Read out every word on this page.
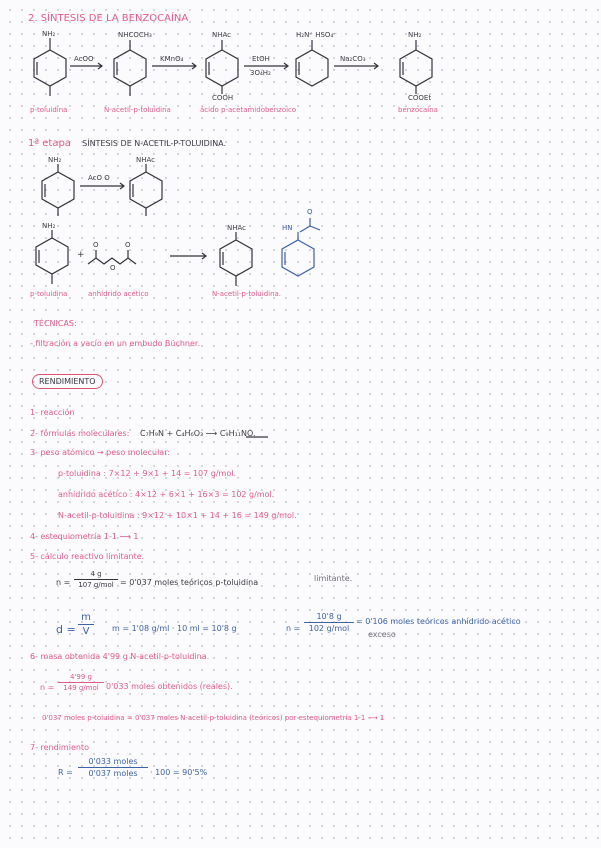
2. SÍNTESIS DE LA BENZOCAÍNA
NH₂	NHCOCH₃	NHAc	H₂N⁺ HSO₄⁻	NH₂
AcOO	KMnO₄	EtOH
3O₄H₂
Na₂CO₃
COOH	COOEt
p-toluidina	N-acetil-p-toluidina	ácido p-acetamidobenzoico	benzocaína
1ª etapa SÍNTESIS DE N-ACETIL-P-TOLUIDINA.
NH₂
AcO O
NHAc
NH₂
+
O	O
O
NHAc	HN
O
p-toluidina	anhídrido acético	N-acetil-p-toluidina.
TÉCNICAS:
- filtración a vacío en un embudo Büchner.
RENDIMIENTO
1- reacción
2- fórmulas moleculares: C₇H₉N + C₄H₆O₃ ⟶ C₉H₁₁NO.
3- peso atómico → peso molecular:
p-toluidina : 7×12 + 9×1 + 14 = 107 g/mol.
anhídrido acético : 4×12 + 6×1 + 16×3 = 102 g/mol.
N-acetil-p-toluidina : 9×12 + 10×1 + 14 + 16 = 149 g/mol.
4- estequiometría 1-1 ⟶ 1
5- cálculo reactivo limitante.
n =
4 g
107 g/mol = 0'037 moles teóricos p-toluidina	limitante.
d =
m
V	m = 1'08 g/ml · 10 ml = 10'8 g	n =
10'8 g
102 g/mol
= 0'106 moles teóricos anhídrido acético
exceso
6- masa obtenida 4'99 g N-acetil-p-toluidina.
n =
4'99 g
149 g/mol 0'033 moles obtenidos (reales).
0'037 moles p-toluidina = 0'037 moles N-acetil-p-toluidina (teóricos) por estequiometría 1-1 ⟶ 1
7- rendimiento
R =
0'033 moles
0'037 moles	· 100 = 90'5%
